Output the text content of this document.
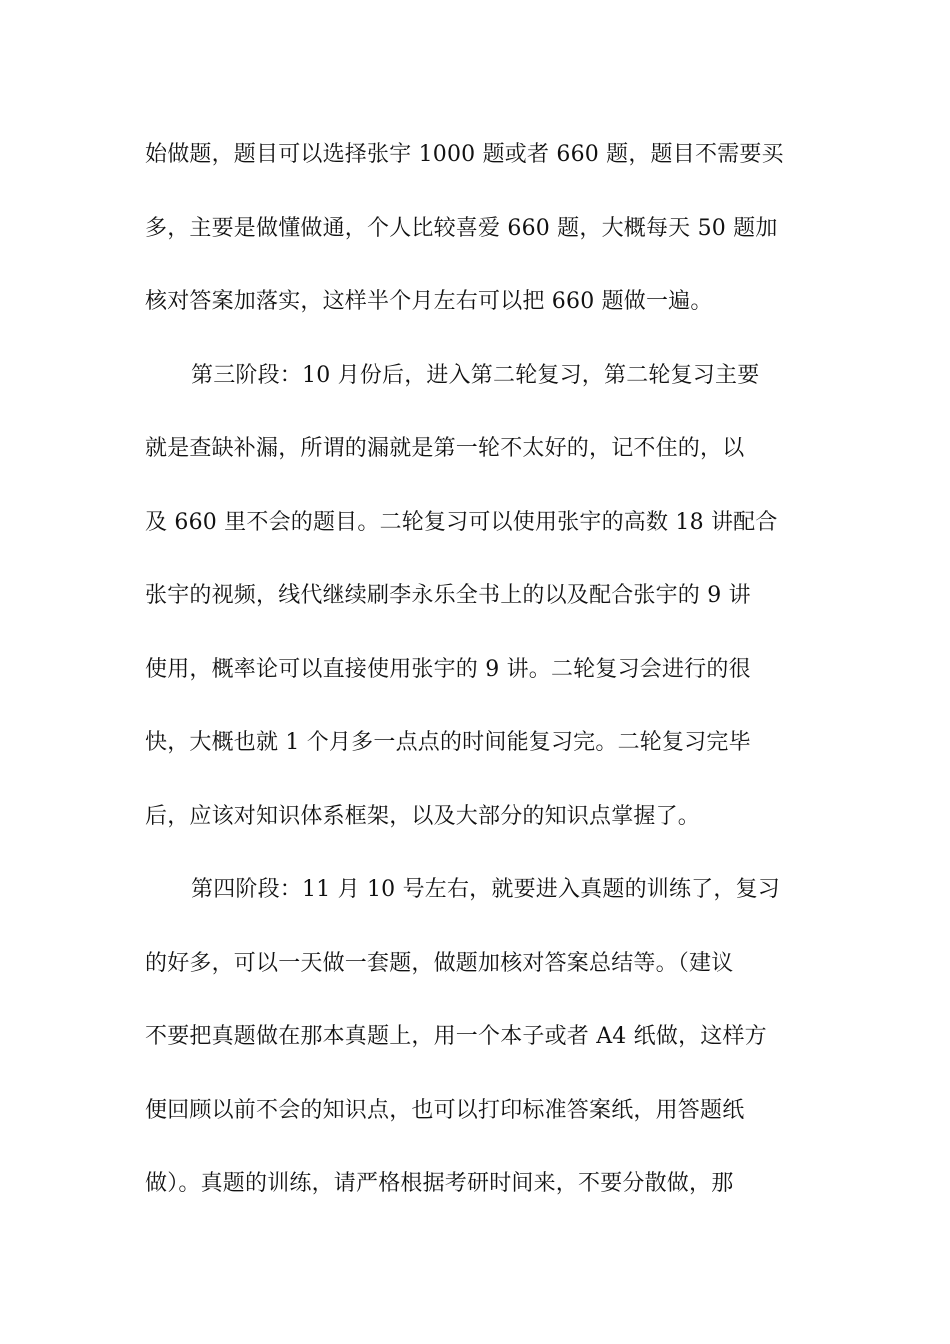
始做题，题目可以选择张宇 1000 题或者 660 题，题目不需要买
多，主要是做懂做通，个人比较喜爱 660 题，大概每天 50 题加
核对答案加落实，这样半个月左右可以把 660 题做一遍。
第三阶段：10 月份后，进入第二轮复习，第二轮复习主要
就是查缺补漏，所谓的漏就是第一轮不太好的，记不住的，以
及 660 里不会的题目。二轮复习可以使用张宇的高数 18 讲配合
张宇的视频，线代继续刷李永乐全书上的以及配合张宇的 9 讲
使用，概率论可以直接使用张宇的 9 讲。二轮复习会进行的很
快，大概也就 1 个月多一点点的时间能复习完。二轮复习完毕
后，应该对知识体系框架，以及大部分的知识点掌握了。
第四阶段：11 月 10 号左右，就要进入真题的训练了，复习
的好多，可以一天做一套题，做题加核对答案总结等。（建议
不要把真题做在那本真题上，用一个本子或者 A4 纸做，这样方
便回顾以前不会的知识点，也可以打印标准答案纸，用答题纸
做）。真题的训练，请严格根据考研时间来，不要分散做，那
